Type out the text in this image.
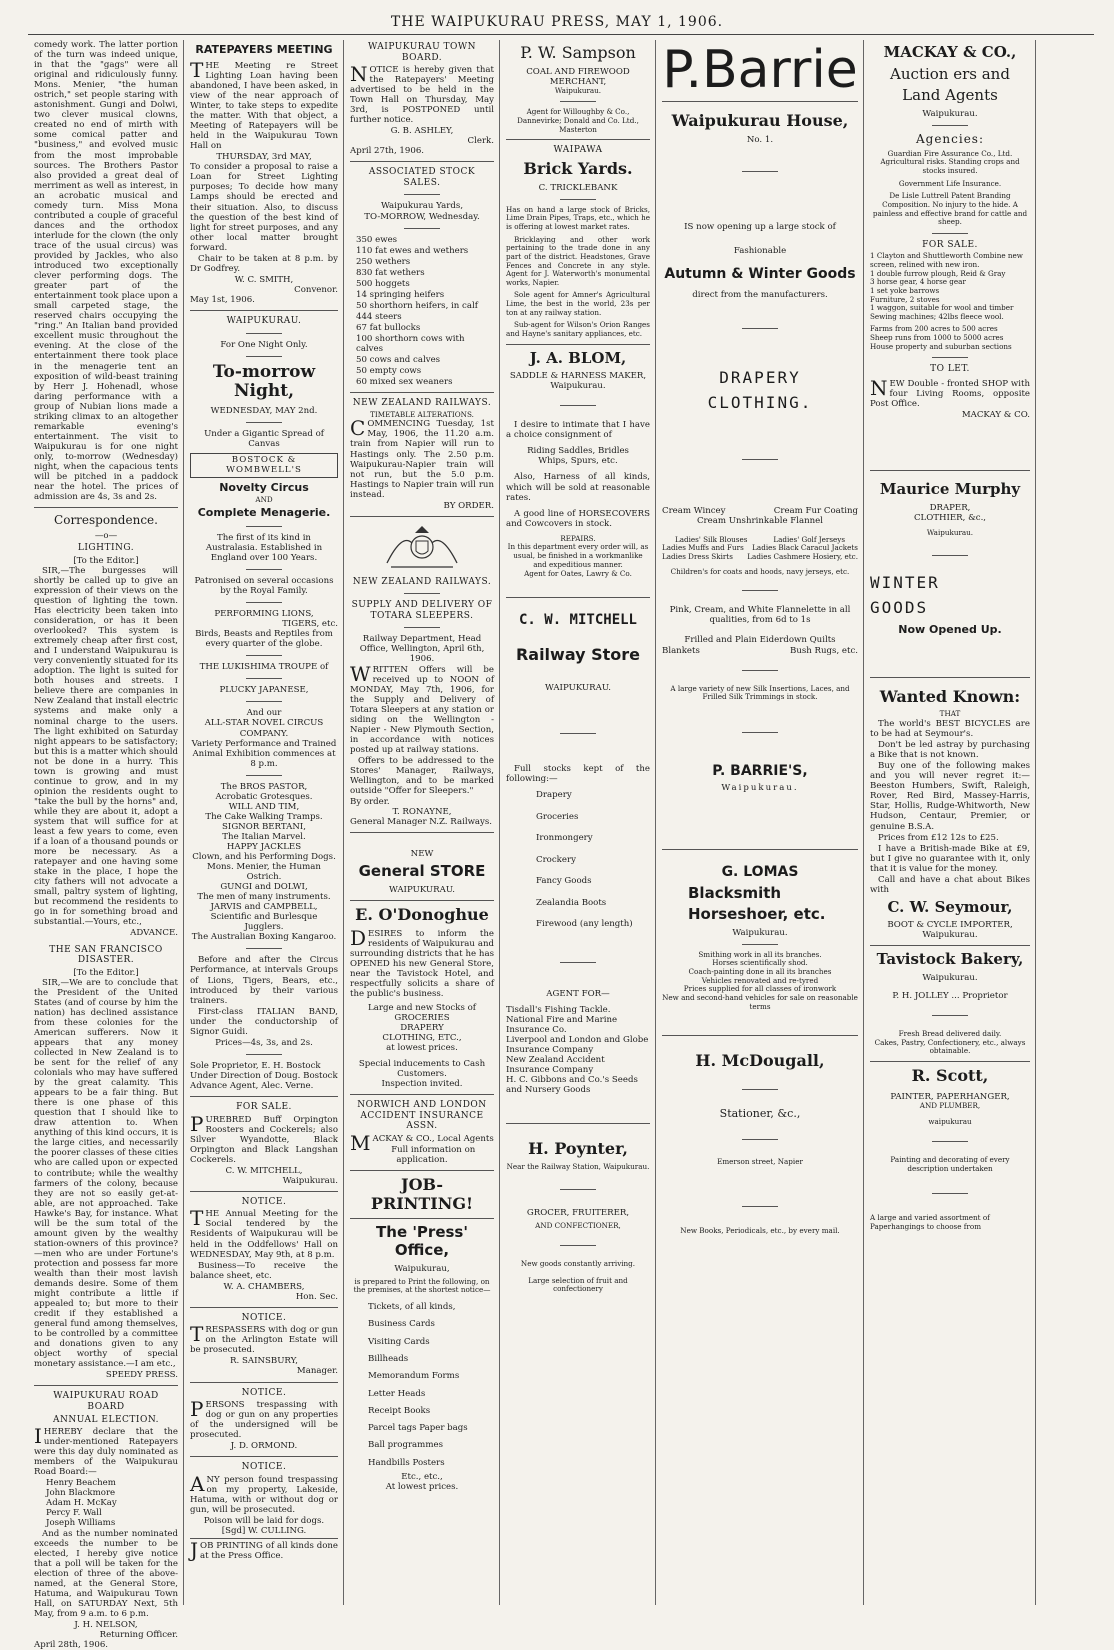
THE WAIPUKURAU PRESS, MAY 1, 1906.

comedy work. The latter portion of the turn was indeed unique, in that the "gags" were all original and ridiculously funny. Mons. Menier, "the human ostrich," set people staring with astonishment. Gungi and Dolwi, two clever musical clowns, created no end of mirth with some comical patter and "business," and evolved music from the most improbable sources. The Brothers Pastor also provided a great deal of merriment as well as interest, in an acrobatic musical and comedy turn. Miss Mona contributed a couple of graceful dances and the orthodox interlude for the clown (the only trace of the usual circus) was provided by Jackles, who also introduced two exceptionally clever performing dogs. The greater part of the entertainment took place upon a small carpeted stage, the reserved chairs occupying the "ring." An Italian band provided excellent music throughout the evening. At the close of the entertainment there took place in the menagerie tent an exposition of wild-beast training by Herr J. Hohenadl, whose daring performance with a group of Nubian lions made a striking climax to an altogether remarkable evening's entertainment. The visit to Waipukurau is for one night only, to-morrow (Wednesday) night, when the capacious tents will be pitched in a paddock near the hotel. The prices of admission are 4s, 3s and 2s.

Correspondence.
—o—
LIGHTING.
[To the Editor.]

SIR,—The burgesses will shortly be called up to give an expression of their views on the question of lighting the town. Has electricity been taken into consideration, or has it been overlooked? This system is extremely cheap after first cost, and I understand Waipukurau is very conveniently situated for its adoption. The light is suited for both houses and streets. I believe there are companies in New Zealand that install electric systems and make only a nominal charge to the users. The light exhibited on Saturday night appears to be satisfactory; but this is a matter which should not be done in a hurry. This town is growing and must continue to grow, and in my opinion the residents ought to "take the bull by the horns" and, while they are about it, adopt a system that will suffice for at least a few years to come, even if a loan of a thousand pounds or more be necessary. As a ratepayer and one having some stake in the place, I hope the city fathers will not advocate a small, paltry system of lighting, but recommend the residents to go in for something broad and substantial.—Yours, etc.,

ADVANCE.
THE SAN FRANCISCO DISASTER.
[To the Editor.]

SIR,—We are to conclude that the President of the United States (and of course by him the nation) has declined assistance from these colonies for the American sufferers. Now it appears that any money collected in New Zealand is to be sent for the relief of any colonials who may have suffered by the great calamity. This appears to be a fair thing. But there is one phase of this question that I should like to draw attention to. When anything of this kind occurs, it is the large cities, and necessarily the poorer classes of these cities who are called upon or expected to contribute; while the wealthy farmers of the colony, because they are not so easily get-at-able, are not approached. Take Hawke's Bay, for instance. What will be the sum total of the amount given by the wealthy station-owners of this province?—men who are under Fortune's protection and possess far more wealth than their most lavish demands desire. Some of them might contribute a little if appealed to; but more to their credit if they established a general fund among themselves, to be controlled by a committee and donations given to any object worthy of special monetary assistance.—I am etc.,

SPEEDY PRESS.
WAIPUKURAU ROAD BOARD
ANNUAL ELECTION.

IHEREBY declare that the under-mentioned Ratepayers were this day duly nominated as members of the Waipukurau Road Board:—

Henry Beachem
John Blackmore
Adam H. McKay
Percy F. Wall
Joseph Williams

And as the number nominated exceeds the number to be elected, I hereby give notice that a poll will be taken for the election of three of the above-named, at the General Store, Hatuma, and Waipukurau Town Hall, on SATURDAY Next, 5th May, from 9 a.m. to 6 p.m.

J. H. NELSON,
Returning Officer.
April 28th, 1906.
RATEPAYERS MEETING

THE Meeting re Street Lighting Loan having been abandoned, I have been asked, in view of the near approach of Winter, to take steps to expedite the matter. With that object, a Meeting of Ratepayers will be held in the Waipukurau Town Hall on

THURSDAY, 3rd MAY,

To consider a proposal to raise a Loan for Street Lighting purposes; To decide how many Lamps should be erected and their situation. Also, to discuss the question of the best kind of light for street purposes, and any other local matter brought forward.

Chair to be taken at 8 p.m. by Dr Godfrey.

W. C. SMITH,
Convenor.
May 1st, 1906.
WAIPUKURAU.
For One Night Only.
To-morrow Night,
WEDNESDAY, MAY 2nd.
Under a Gigantic Spread of Canvas
BOSTOCK & WOMBWELL'S
Novelty Circus
AND
Complete Menagerie.
The first of its kind in Australasia. Established in England over 100 Years.
Patronised on several occasions by the Royal Family.
PERFORMING LIONS,
TIGERS, etc.
Birds, Beasts and Reptiles from every quarter of the globe.
THE LUKISHIMA TROUPE of
PLUCKY JAPANESE,
And our
ALL-STAR NOVEL CIRCUS COMPANY.
Variety Performance and Trained Animal Exhibition commences at 8 p.m.
The BROS PASTOR,
Acrobatic Grotesques.
WILL AND TIM,
The Cake Walking Tramps.
SIGNOR BERTANI,
The Italian Marvel.
HAPPY JACKLES
Clown, and his Performing Dogs.
Mons. Menier, the Human Ostrich.
GUNGI and DOLWI,
The men of many instruments.
JARVIS and CAMPBELL,
Scientific and Burlesque Jugglers.
The Australian Boxing Kangaroo.

Before and after the Circus Performance, at intervals Groups of Lions, Tigers, Bears, etc., introduced by their various trainers.

First-class ITALIAN BAND, under the conductorship of Signor Guidi.

Prices—4s, 3s, and 2s.
Sole Proprietor, E. H. Bostock
Under Direction of Doug. Bostock
Advance Agent, Alec. Verne.
FOR SALE.

PUREBRED Buff Orpington Roosters and Cockerels; also Silver Wyandotte, Black Orpington and Black Langshan Cockerels.

C. W. MITCHELL,
Waipukurau.
NOTICE.

THE Annual Meeting for the Social tendered by the Residents of Waipukurau will be held in the Oddfellows' Hall on WEDNESDAY, May 9th, at 8 p.m.

Business—To receive the balance sheet, etc.

W. A. CHAMBERS,
Hon. Sec.
NOTICE.

TRESPASSERS with dog or gun on the Arlington Estate will be prosecuted.

R. SAINSBURY,
Manager.
NOTICE.

PERSONS trespassing with dog or gun on any properties of the undersigned will be prosecuted.

J. D. ORMOND.
NOTICE.

ANY person found trespassing on my property, Lakeside, Hatuma, with or without dog or gun, will be prosecuted.

Poison will be laid for dogs.
[Sgd] W. CULLING.

JOB PRINTING of all kinds done at the Press Office.

WAIPUKURAU TOWN BOARD.

NOTICE is hereby given that the Ratepayers' Meeting advertised to be held in the Town Hall on Thursday, May 3rd, is POSTPONED until further notice.

G. B. ASHLEY,
Clerk.
April 27th, 1906.
ASSOCIATED STOCK SALES.
Waipukurau Yards,
TO-MORROW, Wednesday.
350 ewes
110 fat ewes and wethers
250 wethers
830 fat wethers
500 hoggets
14 springing heifers
50 shorthorn heifers, in calf
444 steers
67 fat bullocks
100 shorthorn cows with calves
50 cows and calves
50 empty cows
60 mixed sex weaners
NEW ZEALAND RAILWAYS.
TIMETABLE ALTERATIONS.

COMMENCING Tuesday, 1st May, 1906, the 11.20 a.m. train from Napier will run to Hastings only. The 2.50 p.m. Waipukurau-Napier train will not run, but the 5.0 p.m. Hastings to Napier train will run instead.

BY ORDER.
NEW ZEALAND RAILWAYS.
SUPPLY AND DELIVERY OF TOTARA SLEEPERS.
Railway Department, Head Office, Wellington, April 6th, 1906.

WRITTEN Offers will be received up to NOON of MONDAY, May 7th, 1906, for the Supply and Delivery of Totara Sleepers at any station or siding on the Wellington - Napier - New Plymouth Section, in accordance with notices posted up at railway stations.

Offers to be addressed to the Stores' Manager, Railways, Wellington, and to be marked outside "Offer for Sleepers."

By order.
T. RONAYNE,
General Manager N.Z. Railways.
NEW
General STORE
WAIPUKURAU.
E. O'Donoghue

DESIRES to inform the residents of Waipukurau and surrounding districts that he has OPENED his new General Store, near the Tavistock Hotel, and respectfully solicits a share of the public's business.

Large and new Stocks of
GROCERIES
DRAPERY
CLOTHING, ETC.,
at lowest prices.
Special inducements to Cash Customers.
Inspection invited.
NORWICH AND LONDON ACCIDENT INSURANCE ASSN.

MACKAY & CO., Local Agents

Full information on application.
JOB-PRINTING!
The 'Press' Office,
Waipukurau,
is prepared to Print the following, on the premises, at the shortest notice—
Tickets, of all kinds,
Business Cards
Visiting Cards
Billheads
Memorandum Forms
Letter Heads
Receipt Books
Parcel tags Paper bags
Ball programmes
Handbills Posters
Etc., etc.,
At lowest prices.
P. W. Sampson
COAL AND FIREWOOD
MERCHANT,
Waipukurau.
Agent for Willoughby & Co., Dannevirke; Donald and Co. Ltd., Masterton
WAIPAWA
Brick Yards.
C. TRICKLEBANK

Has on hand a large stock of Bricks, Lime Drain Pipes, Traps, etc., which he is offering at lowest market rates.

Bricklaying and other work pertaining to the trade done in any part of the district. Headstones, Grave Fences and Concrete in any style. Agent for J. Waterworth's monumental works, Napier.

Sole agent for Amner's Agricultural Lime, the best in the world, 23s per ton at any railway station.

Sub-agent for Wilson's Orion Ranges and Hayne's sanitary appliances, etc.

J. A. BLOM,
SADDLE & HARNESS MAKER,
Waipukurau.

I desire to intimate that I have a choice consignment of

Riding Saddles, Bridles
Whips, Spurs, etc.

Also, Harness of all kinds, which will be sold at reasonable rates.

A good line of HORSECOVERS and Cowcovers in stock.

REPAIRS.

In this department every order will, as usual, be finished in a workmanlike and expeditious manner.

Agent for Oates, Lawry & Co.
C. W. MITCHELL
Railway Store
WAIPUKURAU.

Full stocks kept of the following:—

Drapery
Groceries
Ironmongery
Crockery
Fancy Goods
Zealandia Boots
Firewood (any length)
AGENT FOR—
Tisdall's Fishing Tackle.
National Fire and Marine Insurance Co.
Liverpool and London and Globe Insurance Company
New Zealand Accident Insurance Company
H. C. Gibbons and Co.'s Seeds and Nursery Goods
H. Poynter,
Near the Railway Station, Waipukurau.
GROCER, FRUITERER,
AND CONFECTIONER,
New goods constantly arriving.
Large selection of fruit and confectionery
P.Barrie
Waipukurau House,
No. 1.
IS now opening up a large stock of
Fashionable
Autumn & Winter Goods
direct from the manufacturers.
DRAPERY
CLOTHING.
Cream Wincey	Cream Fur Coating
Cream Unshrinkable Flannel
Ladies' Silk Blouses	Ladies' Golf Jerseys
Ladies Muffs and Furs Ladies Black Caracul Jackets
Ladies Dress Skirts Ladies Cashmere Hosiery, etc.
Children's for coats and hoods, navy jerseys, etc.
Pink, Cream, and White Flannelette in all qualities, from 6d to 1s
Frilled and Plain Eiderdown Quilts
Blankets	Bush Rugs, etc.
A large variety of new Silk Insertions, Laces, and Frilled Silk Trimmings in stock.
P. BARRIE'S,
Waipukurau.
G. LOMAS
Blacksmith
Horseshoer, etc.
Waipukurau.
Smithing work in all its branches.
Horses scientifically shod.
Coach-painting done in all its branches
Vehicles renovated and re-tyred
Prices supplied for all classes of ironwork
New and second-hand vehicles for sale on reasonable terms
H. McDougall,
Stationer, &c.,
Emerson street, Napier
New Books, Periodicals, etc., by every mail.
MACKAY & CO.,
Auction ers and
Land Agents
Waipukurau.
Agencies:
Guardian Fire Assurance Co., Ltd. Agricultural risks. Standing crops and stocks insured.
Government Life Insurance.
De Lisle Luttrell Patent Branding Composition. No injury to the hide. A painless and effective brand for cattle and sheep.
FOR SALE.
1 Clayton and Shuttleworth Combine new screen, relined with new iron.
1 double furrow plough, Reid & Gray
3 horse gear, 4 horse gear
1 set yoke barrows
Furniture, 2 stoves
1 waggon, suitable for wool and timber
Sewing machines; 42lbs fleece wool.
Farms from 200 acres to 500 acres
Sheep runs from 1000 to 5000 acres
House property and suburban sections
TO LET.

NEW Double - fronted SHOP with four Living Rooms, opposite Post Office.

MACKAY & CO.
Maurice Murphy
DRAPER,
CLOTHIER, &c.,
Waipukurau.
WINTER
GOODS
Now Opened Up.
Wanted Known:
THAT

The world's BEST BICYCLES are to be had at Seymour's.

Don't be led astray by purchasing a Bike that is not known.

Buy one of the following makes and you will never regret it:— Beeston Humbers, Swift, Raleigh, Rover, Red Bird, Massey-Harris, Star, Hollis, Rudge-Whitworth, New Hudson, Centaur, Premier, or genuine B.S.A.

Prices from £12 12s to £25.

I have a British-made Bike at £9, but I give no guarantee with it, only that it is value for the money.

Call and have a chat about Bikes with

C. W. Seymour,
BOOT & CYCLE IMPORTER,
Waipukurau.
Tavistock Bakery,
Waipukurau.
P. H. JOLLEY ... Proprietor
Fresh Bread delivered daily.
Cakes, Pastry, Confectionery, etc., always obtainable.
R. Scott,
PAINTER, PAPERHANGER,
AND PLUMBER,
waipukurau
Painting and decorating of every description undertaken
A large and varied assortment of Paperhangings to choose from
